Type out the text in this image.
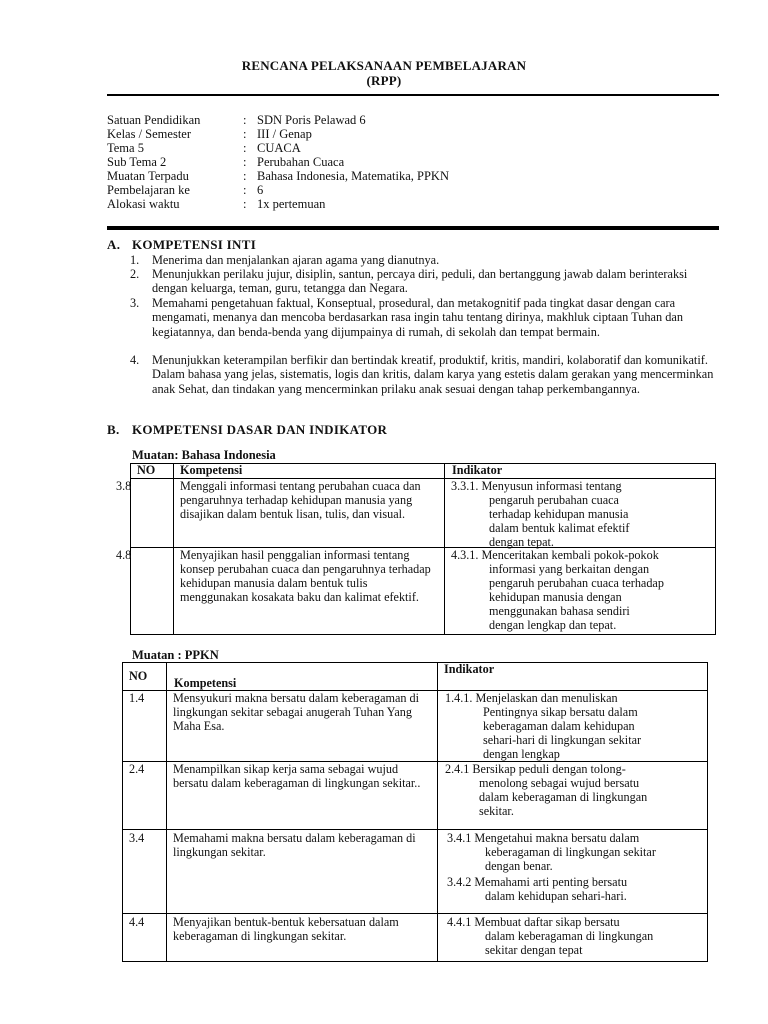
RENCANA PELAKSANAAN PEMBELAJARAN
(RPP)
Satuan Pendidikan	: SDN Poris Pelawad 6
Kelas / Semester	: III / Genap
Tema 5	: CUACA
Sub Tema 2	: Perubahan Cuaca
Muatan Terpadu	: Bahasa Indonesia, Matematika, PPKN
Pembelajaran ke	: 6
Alokasi waktu	: 1x pertemuan
A. KOMPETENSI INTI
1. Menerima dan menjalankan ajaran agama yang dianutnya.
2. Menunjukkan perilaku jujur, disiplin, santun, percaya diri, peduli, dan bertanggung jawab dalam berinteraksi dengan keluarga, teman, guru, tetangga dan Negara.
3. Memahami pengetahuan faktual, Konseptual, prosedural, dan metakognitif pada tingkat dasar dengan cara mengamati, menanya dan mencoba berdasarkan rasa ingin tahu tentang dirinya, makhluk ciptaan Tuhan dan kegiatannya, dan benda-benda yang dijumpainya di rumah, di sekolah dan tempat bermain.
4. Menunjukkan keterampilan berfikir dan bertindak kreatif, produktif, kritis, mandiri, kolaboratif dan komunikatif. Dalam bahasa yang jelas, sistematis, logis dan kritis, dalam karya yang estetis dalam gerakan yang mencerminkan anak Sehat, dan tindakan yang mencerminkan prilaku anak sesuai dengan tahap perkembangannya.
B. KOMPETENSI DASAR DAN INDIKATOR
Muatan: Bahasa Indonesia
NO Kompetensi	Indikator
3.8	Menggali informasi tentang perubahan cuaca dan pengaruhnya terhadap kehidupan manusia yang disajikan dalam bentuk lisan, tulis, dan visual.
3.3.1. Menyusun informasi tentang
pengaruh perubahan cuaca
terhadap kehidupan manusia
dalam bentuk kalimat efektif
dengan tepat.
4.8	Menyajikan hasil penggalian informasi tentang konsep perubahan cuaca dan pengaruhnya terhadap kehidupan manusia dalam bentuk tulis menggunakan kosakata baku dan kalimat efektif.
4.3.1. Menceritakan kembali pokok-pokok
informasi yang berkaitan dengan
pengaruh perubahan cuaca terhadap
kehidupan manusia dengan
menggunakan bahasa sendiri
dengan lengkap dan tepat.
Muatan : PPKN
NO Kompetensi
Indikator
1.4 Mensyukuri makna bersatu dalam keberagaman di lingkungan sekitar sebagai anugerah Tuhan Yang Maha Esa.
1.4.1. Menjelaskan dan menuliskan
Pentingnya sikap bersatu dalam
keberagaman dalam kehidupan
sehari-hari di lingkungan sekitar
dengan lengkap
2.4 Menampilkan sikap kerja sama sebagai wujud bersatu dalam keberagaman di lingkungan sekitar..
2.4.1 Bersikap peduli dengan tolong-
menolong sebagai wujud bersatu
dalam keberagaman di lingkungan
sekitar.
3.4 Memahami makna bersatu dalam keberagaman di lingkungan sekitar.
3.4.1 Mengetahui makna bersatu dalam
keberagaman di lingkungan sekitar
dengan benar.
3.4.2 Memahami arti penting bersatu
dalam kehidupan sehari-hari.
4.4 Menyajikan bentuk-bentuk kebersatuan dalam keberagaman di lingkungan sekitar.
4.4.1 Membuat daftar sikap bersatu
dalam keberagaman di lingkungan
sekitar dengan tepat
